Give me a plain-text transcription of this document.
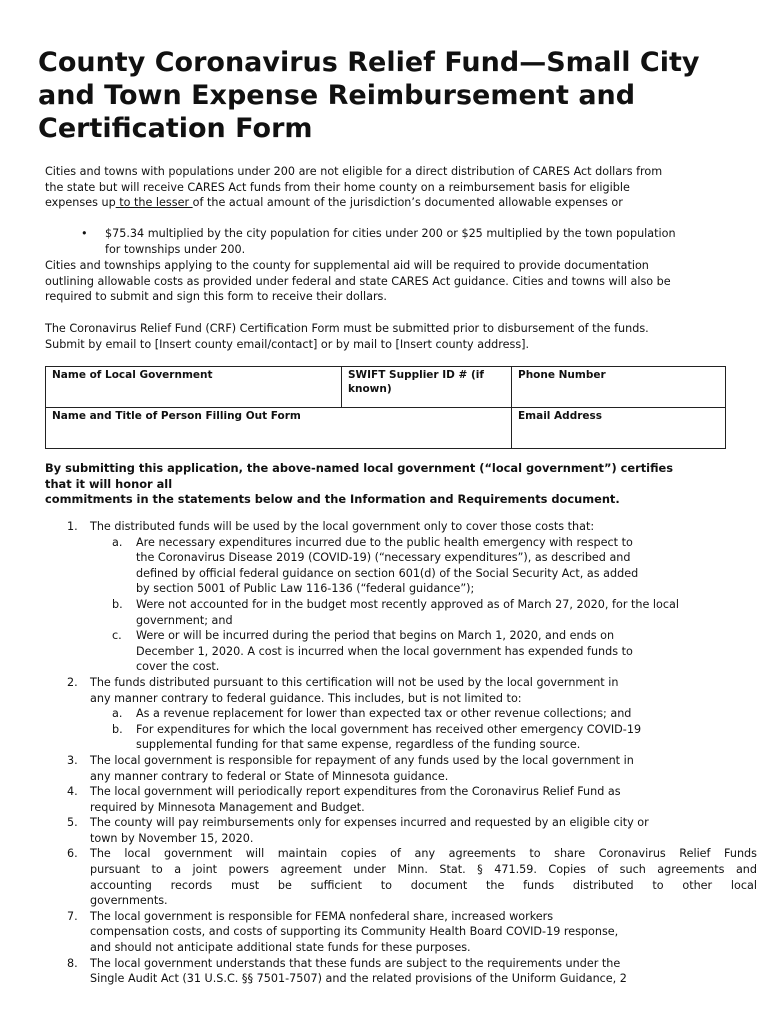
County Coronavirus Relief Fund—Small City
and Town Expense Reimbursement and
Certification Form

Cities and towns with populations under 200 are not eligible for a direct distribution of CARES Act dollars from
the state but will receive CARES Act funds from their home county on a reimbursement basis for eligible
expenses up to the lesser of the actual amount of the jurisdiction’s documented allowable expenses or

• $75.34 multiplied by the city population for cities under 200 or $25 multiplied by the town population
for townships under 200.

Cities and townships applying to the county for supplemental aid will be required to provide documentation
outlining allowable costs as provided under federal and state CARES Act guidance. Cities and towns will also be
required to submit and sign this form to receive their dollars.

The Coronavirus Relief Fund (CRF) Certification Form must be submitted prior to disbursement of the funds.
Submit by email to [Insert county email/contact] or by mail to [Insert county address].

Name of Local Government	SWIFT Supplier ID # (if known)	Phone Number
Name and Title of Person Filling Out Form		Email Address

By submitting this application, the above-named local government (“local government”) certifies
that it will honor all
commitments in the statements below and the Information and Requirements document.

1. The distributed funds will be used by the local government only to cover those costs that:
a. Are necessary expenditures incurred due to the public health emergency with respect to
the Coronavirus Disease 2019 (COVID-19) (“necessary expenditures”), as described and
defined by official federal guidance on section 601(d) of the Social Security Act, as added
by section 5001 of Public Law 116-136 (“federal guidance”);
b. Were not accounted for in the budget most recently approved as of March 27, 2020, for the local
government; and
c. Were or will be incurred during the period that begins on March 1, 2020, and ends on
December 1, 2020. A cost is incurred when the local government has expended funds to
cover the cost.
2. The funds distributed pursuant to this certification will not be used by the local government in
any manner contrary to federal guidance. This includes, but is not limited to:
a. As a revenue replacement for lower than expected tax or other revenue collections; and
b. For expenditures for which the local government has received other emergency COVID-19
supplemental funding for that same expense, regardless of the funding source.
3. The local government is responsible for repayment of any funds used by the local government in
any manner contrary to federal or State of Minnesota guidance.
4. The local government will periodically report expenditures from the Coronavirus Relief Fund as
required by Minnesota Management and Budget.
5. The county will pay reimbursements only for expenses incurred and requested by an eligible city or
town by November 15, 2020.
6. The local government will maintain copies of any agreements to share Coronavirus Relief Funds
pursuant to a joint powers agreement under Minn. Stat. § 471.59. Copies of such agreements and
accounting records must be sufficient to document the funds distributed to other local
governments.
7. The local government is responsible for FEMA nonfederal share, increased workers
compensation costs, and costs of supporting its Community Health Board COVID-19 response,
and should not anticipate additional state funds for these purposes.
8. The local government understands that these funds are subject to the requirements under the
Single Audit Act (31 U.S.C. §§ 7501-7507) and the related provisions of the Uniform Guidance, 2
